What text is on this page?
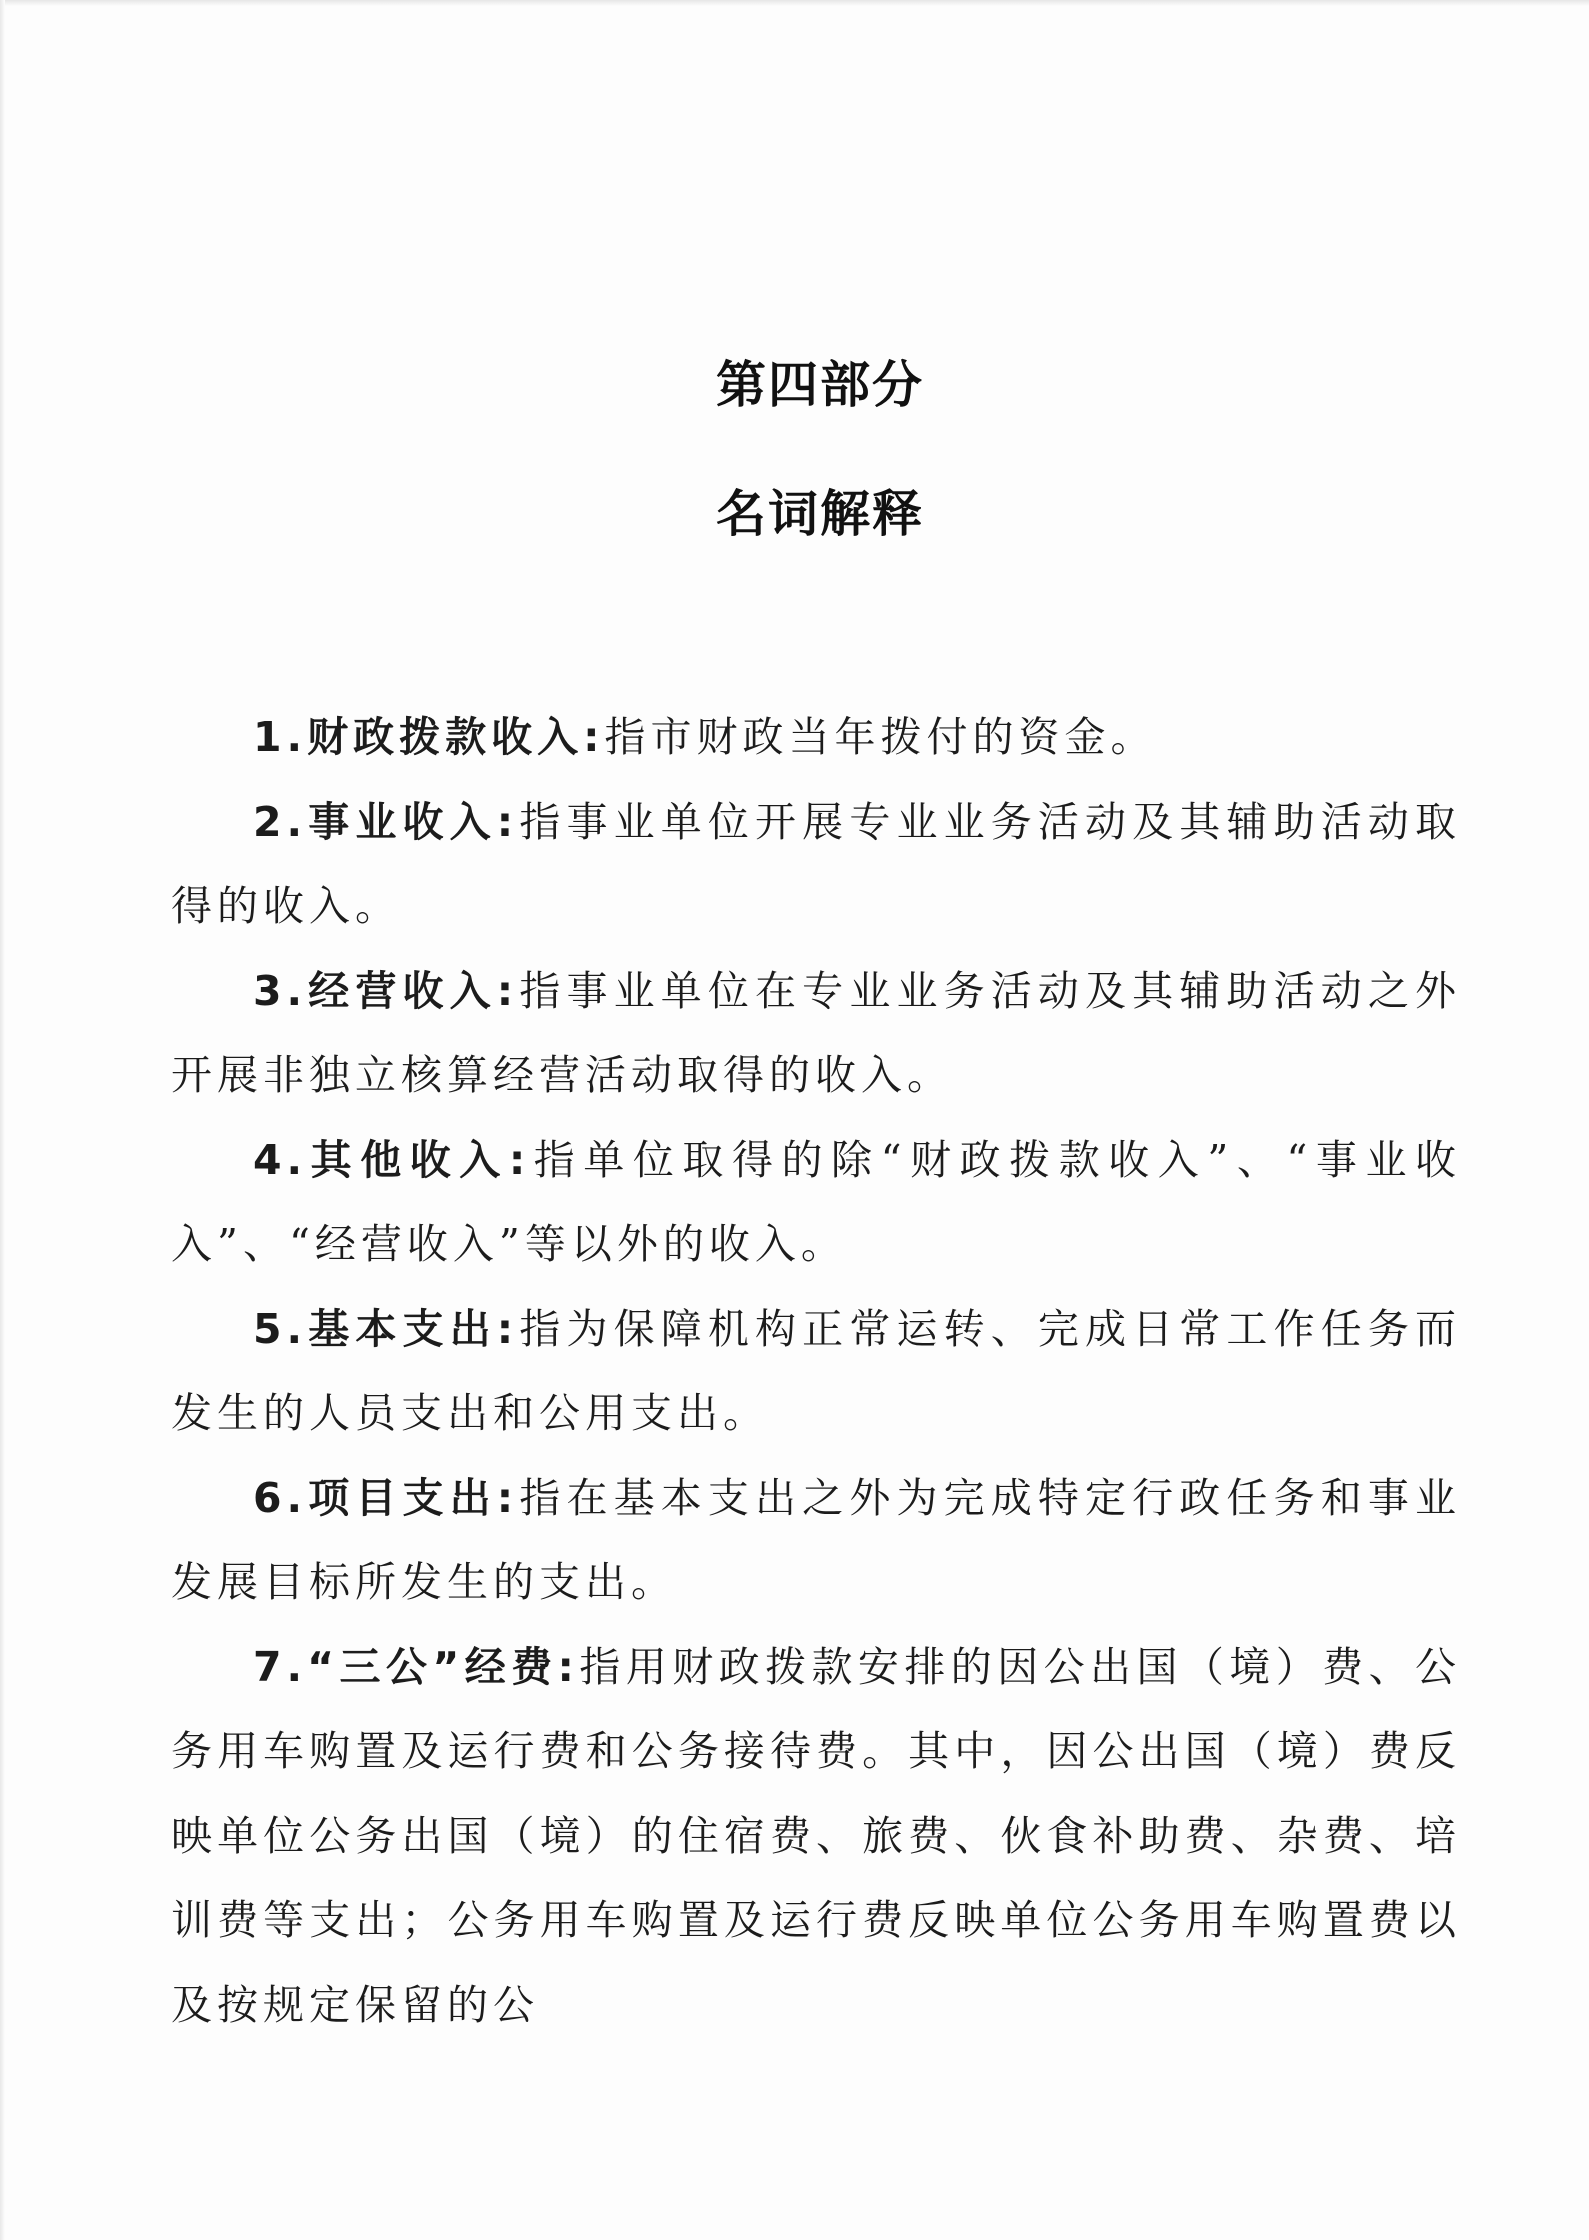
第四部分
名词解释

1.财政拨款收入:指市财政当年拨付的资金。

2.事业收入:指事业单位开展专业业务活动及其辅助活动取得的收入。

3.经营收入:指事业单位在专业业务活动及其辅助活动之外开展非独立核算经营活动取得的收入。

4.其他收入:指单位取得的除“财政拨款收入”、“事业收入”、“经营收入”等以外的收入。

5.基本支出:指为保障机构正常运转、完成日常工作任务而发生的人员支出和公用支出。

6.项目支出:指在基本支出之外为完成特定行政任务和事业发展目标所发生的支出。

7.“三公”经费:指用财政拨款安排的因公出国（境）费、公务用车购置及运行费和公务接待费。其中，因公出国（境）费反映单位公务出国（境）的住宿费、旅费、伙食补助费、杂费、培训费等支出；公务用车购置及运行费反映单位公务用车购置费以及按规定保留的公
